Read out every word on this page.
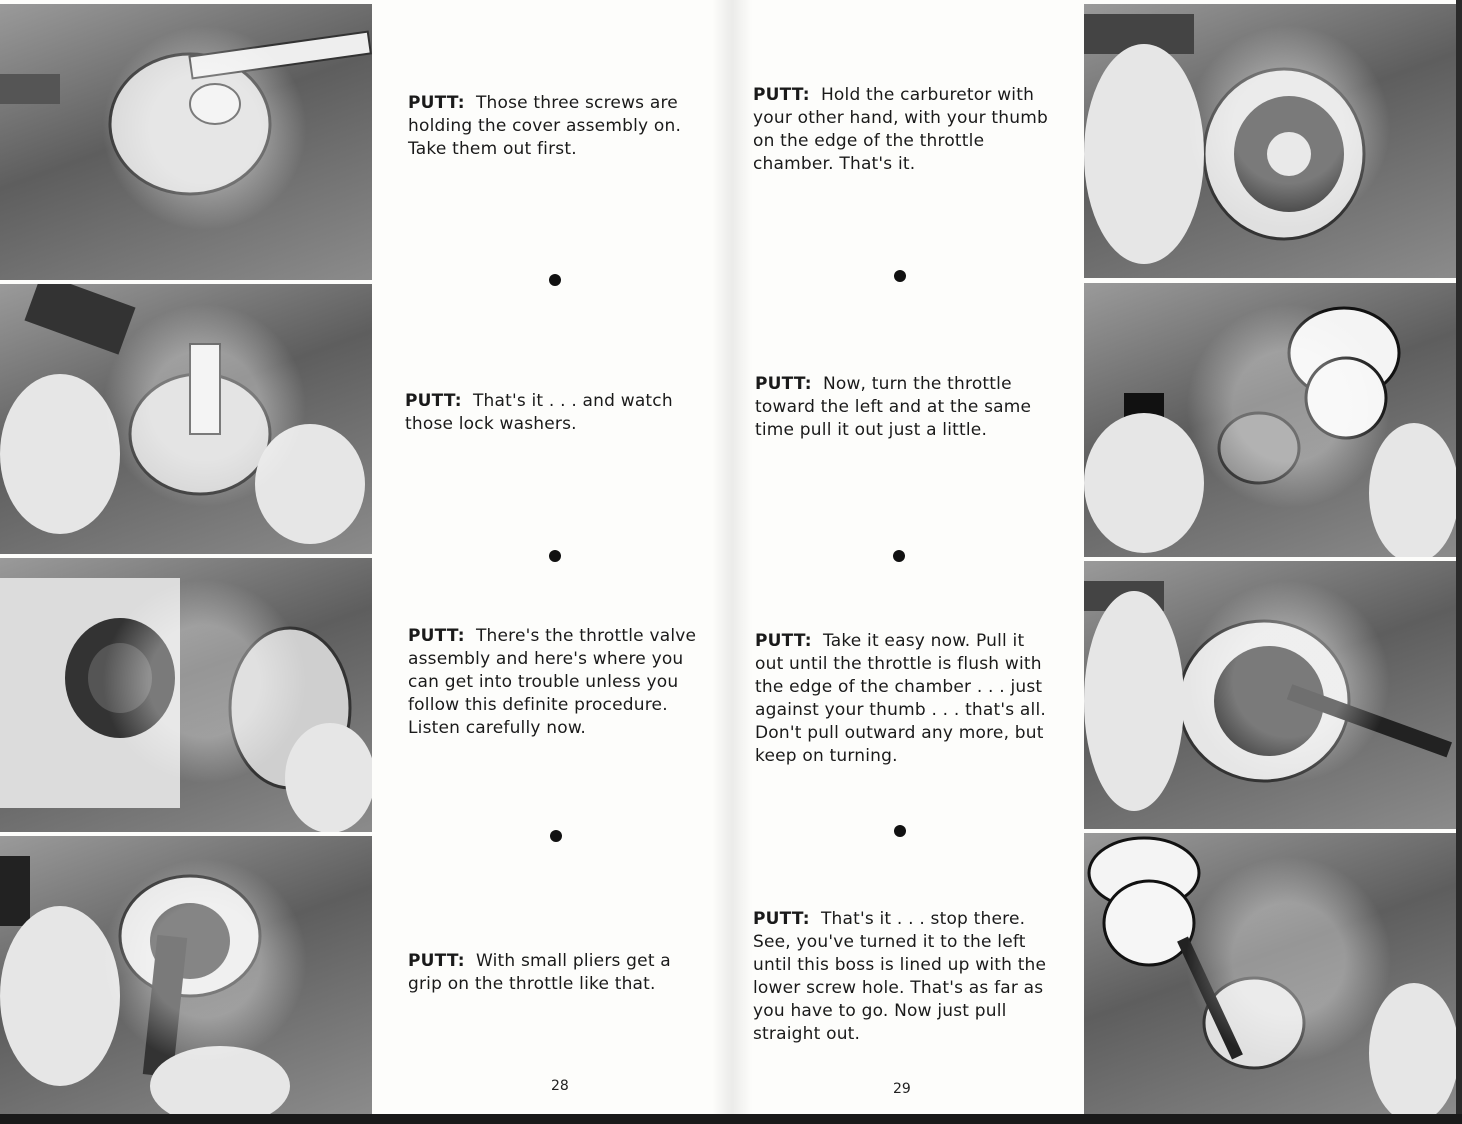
PUTT: Those three screws are holding the cover assembly on. Take them out first.
PUTT: That's it . . . and watch those lock washers.
PUTT: There's the throttle valve assembly and here's where you can get into trouble unless you follow this definite procedure. Listen carefully now.
PUTT: With small pliers get a grip on the throttle like that.
28
PUTT: Hold the carburetor with your other hand, with your thumb on the edge of the throttle chamber. That's it.
PUTT: Now, turn the throttle toward the left and at the same time pull it out just a little.
PUTT: Take it easy now. Pull it out until the throttle is flush with the edge of the chamber . . . just against your thumb . . . that's all. Don't pull outward any more, but keep on turning.
PUTT: That's it . . . stop there. See, you've turned it to the left until this boss is lined up with the lower screw hole. That's as far as you have to go. Now just pull straight out.
29
